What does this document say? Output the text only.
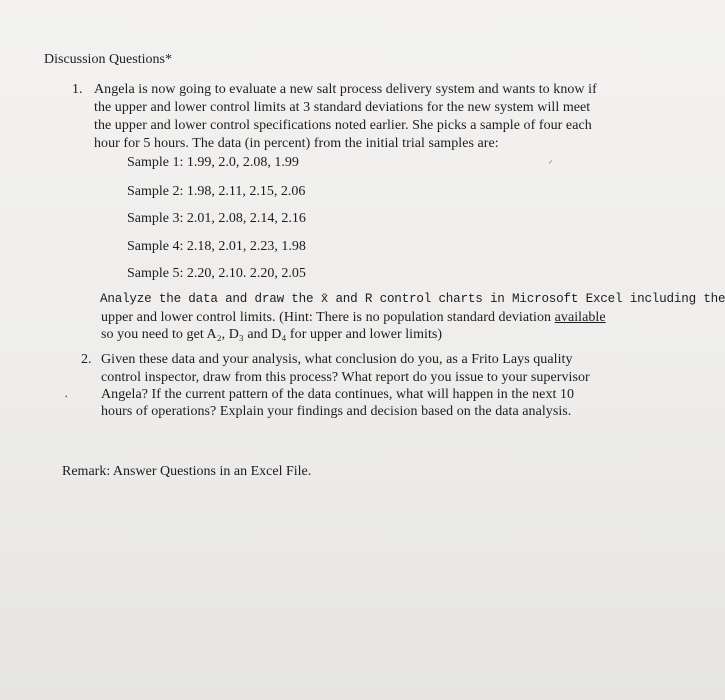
Discussion Questions*
1. Angela is now going to evaluate a new salt process delivery system and wants to know if
the upper and lower control limits at 3 standard deviations for the new system will meet
the upper and lower control specifications noted earlier. She picks a sample of four each
hour for 5 hours. The data (in percent) from the initial trial samples are:
Sample 1: 1.99, 2.0, 2.08, 1.99
Sample 2: 1.98, 2.11, 2.15, 2.06
Sample 3: 2.01, 2.08, 2.14, 2.16
Sample 4: 2.18, 2.01, 2.23, 1.98
Sample 5: 2.20, 2.10. 2.20, 2.05
Analyze the data and draw the x̄ and R control charts in Microsoft Excel including the
upper and lower control limits. (Hint: There is no population standard deviation available
so you need to get A₂, D₃ and D₄ for upper and lower limits)
2. Given these data and your analysis, what conclusion do you, as a Frito Lays quality
control inspector, draw from this process? What report do you issue to your supervisor
Angela? If the current pattern of the data continues, what will happen in the next 10
hours of operations? Explain your findings and decision based on the data analysis.
Remark: Answer Questions in an Excel File.
⸝
•
